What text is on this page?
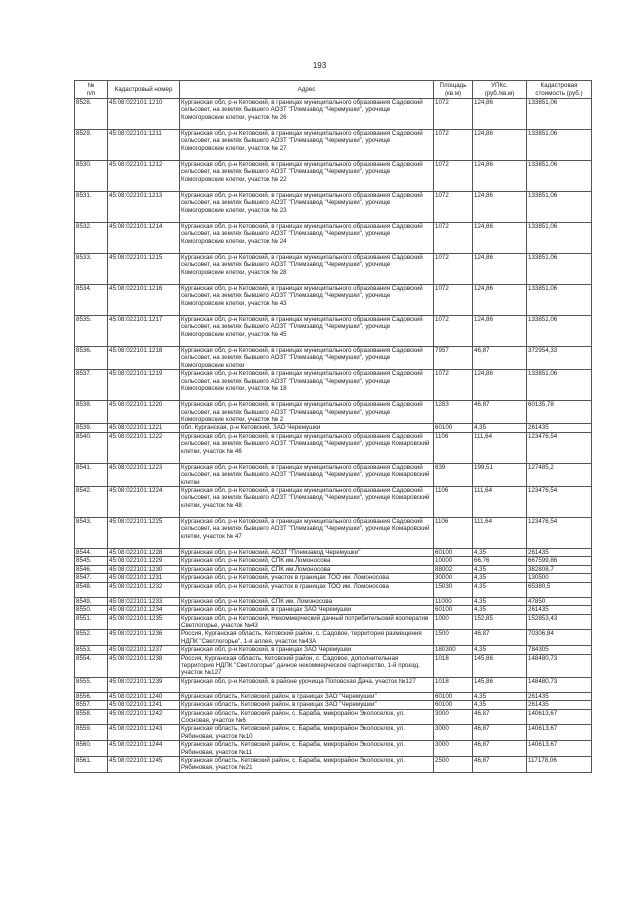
193
№
п/п	Кадастровый номер	Адрес	Площадь
(кв.м)	УПКс.
(руб./кв.м)	Кадастровая
стоимость (руб.)
8528.	45:08:022101:1210	Курганская обл, р-н Кетовский, в границах муниципального образования Садовский сельсовет, на землях бывшего АОЗТ "Племзавод "Черемушки", урочище Комогоровские клетки, участок № 26	1072	124,86	133851,06
8529.	45:08:022101:1211	Курганская обл, р-н Кетовский, в границах муниципального образования Садовский сельсовет, на землях бывшего АОЗТ "Племзавод "Черемушки", урочище Комогоровские клетки, участок № 27	1072	124,86	133851,06
8530.	45:08:022101:1212	Курганская обл, р-н Кетовский, в границах муниципального образования Садовский сельсовет, на землях бывшего АОЗТ "Племзавод "Черемушки", урочище Комогоровские клетки, участок № 22	1072	124,86	133851,06
8531.	45:08:022101:1213	Курганская обл, р-н Кетовский, в границах муниципального образования Садовский сельсовет, на землях бывшего АОЗТ "Племзавод "Черемушки", урочище Комогоровские клетки, участок № 23	1072	124,86	133851,06
8532.	45:08:022101:1214	Курганская обл, р-н Кетовский, в границах муниципального образования Садовский сельсовет, на землях бывшего АОЗТ "Племзавод "Черемушки", урочище Комогоровские клетки, участок № 24	1072	124,86	133851,06
8533.	45:08:022101:1215	Курганская обл, р-н Кетовский, в границах муниципального образования Садовский сельсовет, на землях бывшего АОЗТ "Племзавод "Черемушки", урочище Комогоровские клетки, участок № 28	1072	124,86	133851,06
8534.	45:08:022101:1216	Курганская обл, р-н Кетовский, в границах муниципального образования Садовский сельсовет, на землях бывшего АОЗТ "Племзавод "Черемушки", урочище Комогоровские клетки, участок № 43	1072	124,86	133851,06
8535.	45:08:022101:1217	Курганская обл, р-н Кетовский, в границах муниципального образования Садовский сельсовет, на землях бывшего АОЗТ "Племзавод "Черемушки", урочище Комогоровские клетки, участок № 45	1072	124,86	133851,06
8536.	45:08:022101:1218	Курганская обл, р-н Кетовский, в границах муниципального образования Садовский сельсовет, на землях бывшего АОЗТ "Племзавод "Черемушки", урочище Комогоровские клетки	7957	46,87	372954,33
8537.	45:08:022101:1219	Курганская обл, р-н Кетовский, в границах муниципального образования Садовский сельсовет, на землях бывшего АОЗТ "Племзавод "Черемушки", урочище Комогоровские клетки, участок № 18	1072	124,86	133851,06
8538.	45:08:022101:1220	Курганская обл, р-н Кетовский, в границах муниципального образования Садовский сельсовет, на землях бывшего АОЗТ "Племзавод "Черемушки", урочище Комогоровские клетки, участок № 2	1283	46,87	60135,78
8539.	45:08:022101:1221	обл. Курганская, р-н Кетовский, ЗАО Черемушки	60100	4,35	261435
8540.	45:08:022101:1222	Курганская обл, р-н Кетовский, в границах муниципального образования Садовский сельсовет, на землях бывшего АОЗТ "Племзавод "Черемушки", урочище Комаровский клетки, участок № 46	1106	111,64	123476,54
8541.	45:08:022101:1223	Курганская обл, р-н Кетовский, в границах муниципального образования Садовский сельсовет, на землях бывшего АОЗТ "Племзавод "Черемушки", урочище Комаровский клетки	639	199,51	127485,2
8542.	45:08:022101:1224	Курганская обл, р-н Кетовский, в границах муниципального образования Садовский сельсовет, на землях бывшего АОЗТ "Племзавод "Черемушки", урочище Комаровский клетки, участок № 48	1106	111,64	123476,54
8543.	45:08:022101:1225	Курганская обл, р-н Кетовский, в границах муниципального образования Садовский сельсовет, на землях бывшего АОЗТ "Племзавод "Черемушки", урочище Комаровский клетки, участок № 47	1106	111,64	123476,54
8544.	45:08:022101:1228	Курганская обл, р-н Кетовский, АОЗТ "Племзавод Черемушки"	60100	4,35	261435
8545.	45:08:022101:1229	Курганская обл, р-н Кетовский, СПК им.Ломоносова	10000	66,76	667599,86
8546.	45:08:022101:1230	Курганская обл, р-н Кетовский, СПК им.Ломоносова	88002	4,35	382808,7
8547.	45:08:022101:1231	Курганская обл, р-н Кетовский, участок в границах ТОО им. Ломоносова	30000	4,35	130500
8548.	45:08:022101:1232	Курганская обл, р-н Кетовский, участок в границах ТОО им. Ломоносова	15030	4,35	65380,5
8549.	45:08:022101:1233	Курганская обл, р-н Кетовский, СПК им. Ломоносова	11000	4,35	47850
8550.	45:08:022101:1234	Курганская обл, р-н Кетовский, в границах ЗАО Черемушки	60100	4,35	261435
8551.	45:08:022101:1235	Курганская обл, р-н Кетовский, Некоммерческий дачный потребительский кооператив Светлогорье, участок №43	1000	152,85	152853,43
8552.	45:08:022101:1236	Россия, Курганская область, Кетовский район, с. Садовое, территория размещения НДПК "Светлогорье", 1-я аллея, участок №43А	1500	46,87	70306,84
8553.	45:08:022101:1237	Курганская обл, р-н Кетовский, в границах ЗАО Черемушки	180300	4,35	784305
8554.	45:08:022101:1238	Россия, Курганская область, Кетовский район, с. Садовое, дополнительная территория НДПК "Светлогорье" дачное некоммерческое партнерство, 1-й проезд, участок №127	1018	145,86	148480,73
8555.	45:08:022101:1239	Курганская обл, р-н Кетовский, в районе урочища Поповская Дача, участок №127	1018	145,86	148480,73
8556.	45:08:022101:1240	Курганская область, Кетовский район, в границах ЗАО "Черемушки"	60100	4,35	261435
8557.	45:08:022101:1241	Курганская область, Кетовский район, в границах ЗАО "Черемушки"	60100	4,35	261435
8558.	45:08:022101:1242	Курганская область, Кетовский район, с. Бараба, микрорайон Экопоселок, ул. Сосновая, участок №6	3000	46,87	140613,67
8559.	45:08:022101:1243	Курганская область, Кетовский район, с. Бараба, микрорайон Экопоселок, ул. Рябиновая, участок №10	3000	46,87	140613,67
8560.	45:08:022101:1244	Курганская область, Кетовский район, с. Бараба, микрорайон Экопоселок, ул. Рябиновая, участок №11	3000	46,87	140613,67
8561.	45:08:022101:1245	Курганская область, Кетовский район, с. Бараба, микрорайон Экопоселок, ул. Рябиновая, участок №21	2500	46,87	117178,06
